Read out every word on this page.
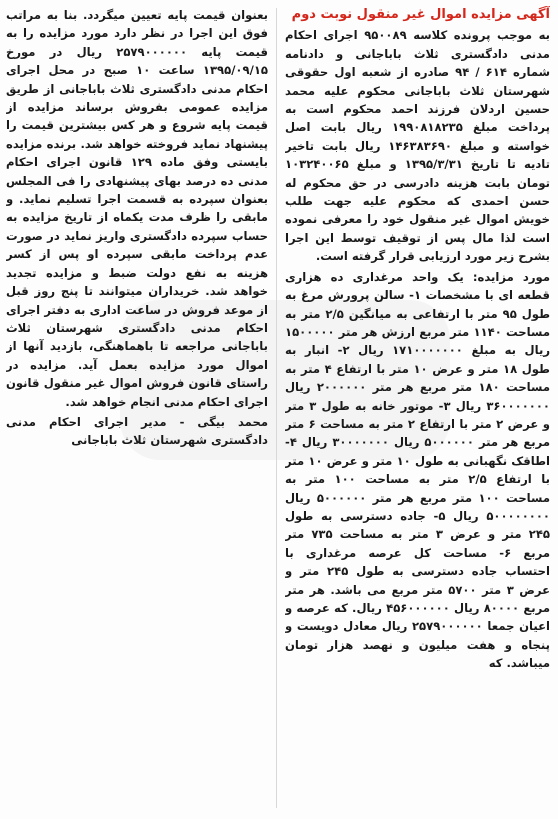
آگهی مزایده اموال غیر منقول نوبت دوم
به موجب پرونده کلاسه ۹۵۰۰۸۹ اجرای احکام مدنی دادگستری ثلاث باباجانی و دادنامه شماره ۶۱۴ / ۹۴ صادره از شعبه اول حقوقی شهرستان ثلاث باباجانی محکوم علیه محمد حسین اردلان فرزند احمد محکوم است به پرداخت مبلغ ۱۹۹۰۸۱۸۲۳۵ ریال بابت اصل خواسته و مبلغ ۱۴۶۳۸۳۶۹۰ ریال بابت تاخیر تادیه تا تاریخ ۱۳۹۵/۳/۳۱ و مبلغ ۱۰۳۲۴۰۰۶۵ تومان بابت هزینه دادرسی در حق محکوم له حسن احمدی که محکوم علیه جهت طلب خویش اموال غیر منقول خود را معرفی نموده است لذا مال پس از توقیف توسط این اجرا بشرح زیر مورد ارزیابی قرار گرفته است.
مورد مزایده: یک واحد مرغداری ده هزاری قطعه ای با مشخصات ۱- سالن پرورش مرغ به طول ۹۵ متر با ارتفاعی به میانگین ۲/۵ متر به مساحت ۱۱۴۰ متر مربع ارزش هر متر ۱۵۰۰۰۰۰ ریال به مبلغ ۱۷۱۰۰۰۰۰۰۰ ریال ۲- انبار به طول ۱۸ متر و عرض ۱۰ متر با ارتفاع ۴ متر به مساحت ۱۸۰ متر مربع هر متر ۲۰۰۰۰۰۰ ریال ۳۶۰۰۰۰۰۰۰ ریال ۳- موتور خانه به طول ۳ متر و عرض ۲ متر با ارتفاع ۲ متر به مساحت ۶ متر مربع هر متر ۵۰۰۰۰۰۰ ریال ۳۰۰۰۰۰۰۰ ریال ۴- اطاقک نگهبانی به طول ۱۰ متر و عرض ۱۰ متر با ارتفاع ۲/۵ متر به مساحت ۱۰۰ متر به مساحت ۱۰۰ متر مربع هر متر ۵۰۰۰۰۰۰ ریال ۵۰۰۰۰۰۰۰۰ ریال ۵- جاده دسترسی به طول ۲۴۵ متر و عرض ۳ متر به مساحت ۷۳۵ متر مربع ۶- مساحت کل عرصه مرغداری با احتساب جاده دسترسی به طول ۲۴۵ متر و عرض ۳ متر ۵۷۰۰ متر مربع می باشد. هر متر مربع ۸۰۰۰۰ ریال ۴۵۶۰۰۰۰۰۰ ریال. که عرصه و اعیان جمعا ۲۵۷۹۰۰۰۰۰۰ ریال معادل دویست و پنجاه و هفت میلیون و نهصد هزار تومان میباشد. که
بعنوان قیمت پایه تعیین میگردد. بنا به مراتب فوق این اجرا در نظر دارد مورد مزایده را به قیمت پایه ۲۵۷۹۰۰۰۰۰۰ ریال در مورخ ۱۳۹۵/۰۹/۱۵ ساعت ۱۰ صبح در محل اجرای احکام مدنی دادگستری ثلاث باباجانی از طریق مزایده عمومی بفروش برساند مزایده از قیمت پایه شروع و هر کس بیشترین قیمت را پیشنهاد نماید فروخته خواهد شد. برنده مزایده بایستی وفق ماده ۱۲۹ قانون اجرای احکام مدنی ده درصد بهای پیشنهادی را فی المجلس بعنوان سپرده به قسمت اجرا تسلیم نماید. و مابقی را ظرف مدت یکماه از تاریخ مزایده به حساب سپرده دادگستری واریز نماید در صورت عدم پرداخت مابقی سپرده او پس از کسر هزینه به نفع دولت ضبط و مزایده تجدید خواهد شد. خریداران میتوانند تا پنج روز قبل از موعد فروش در ساعت اداری به دفتر اجرای احکام مدنی دادگستری شهرستان ثلاث باباجانی مراجعه تا باهماهنگی، بازدید آنها از اموال مورد مزایده بعمل آید. مزایده در راستای قانون فروش اموال غیر منقول قانون اجرای احکام مدنی انجام خواهد شد.
محمد بیگی - مدیر اجرای احکام مدنی دادگستری شهرستان ثلاث باباجانی
